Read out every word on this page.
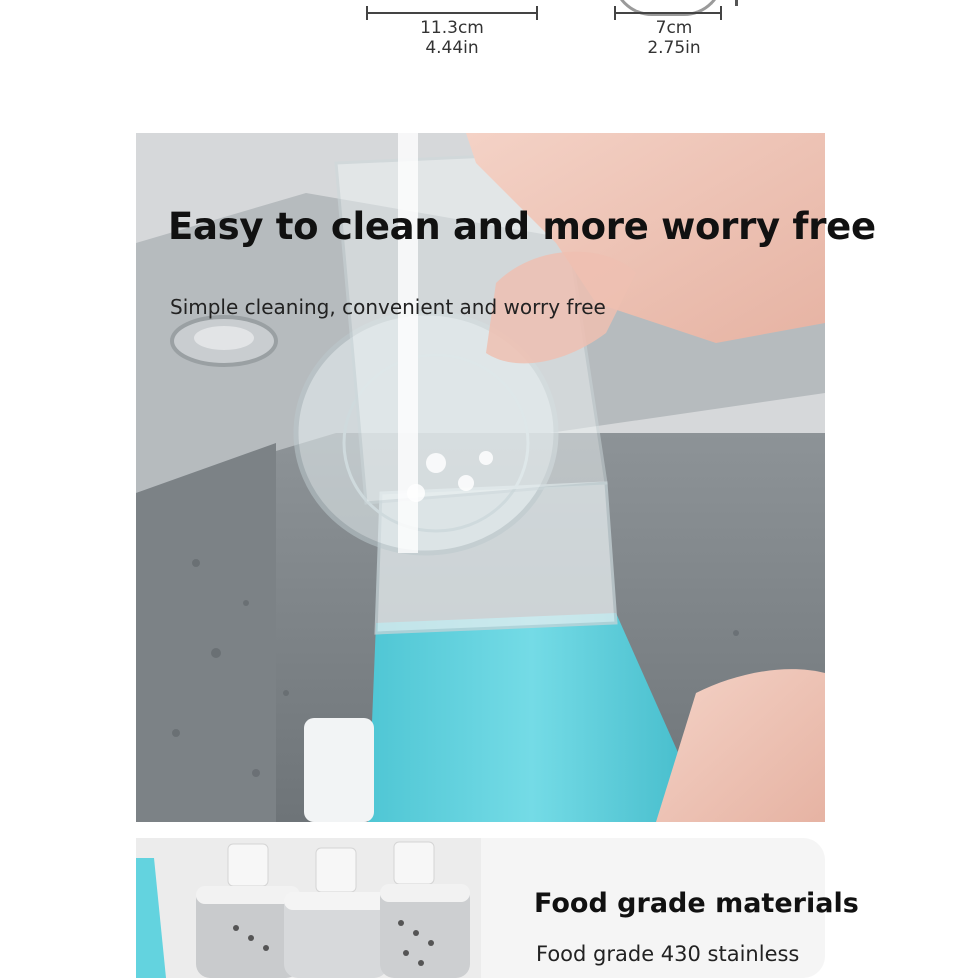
11.3cm
4.44in
7cm
2.75in
Easy to clean and more worry free

Simple cleaning, convenient and worry free

Food grade materials

Food grade 430 stainless
